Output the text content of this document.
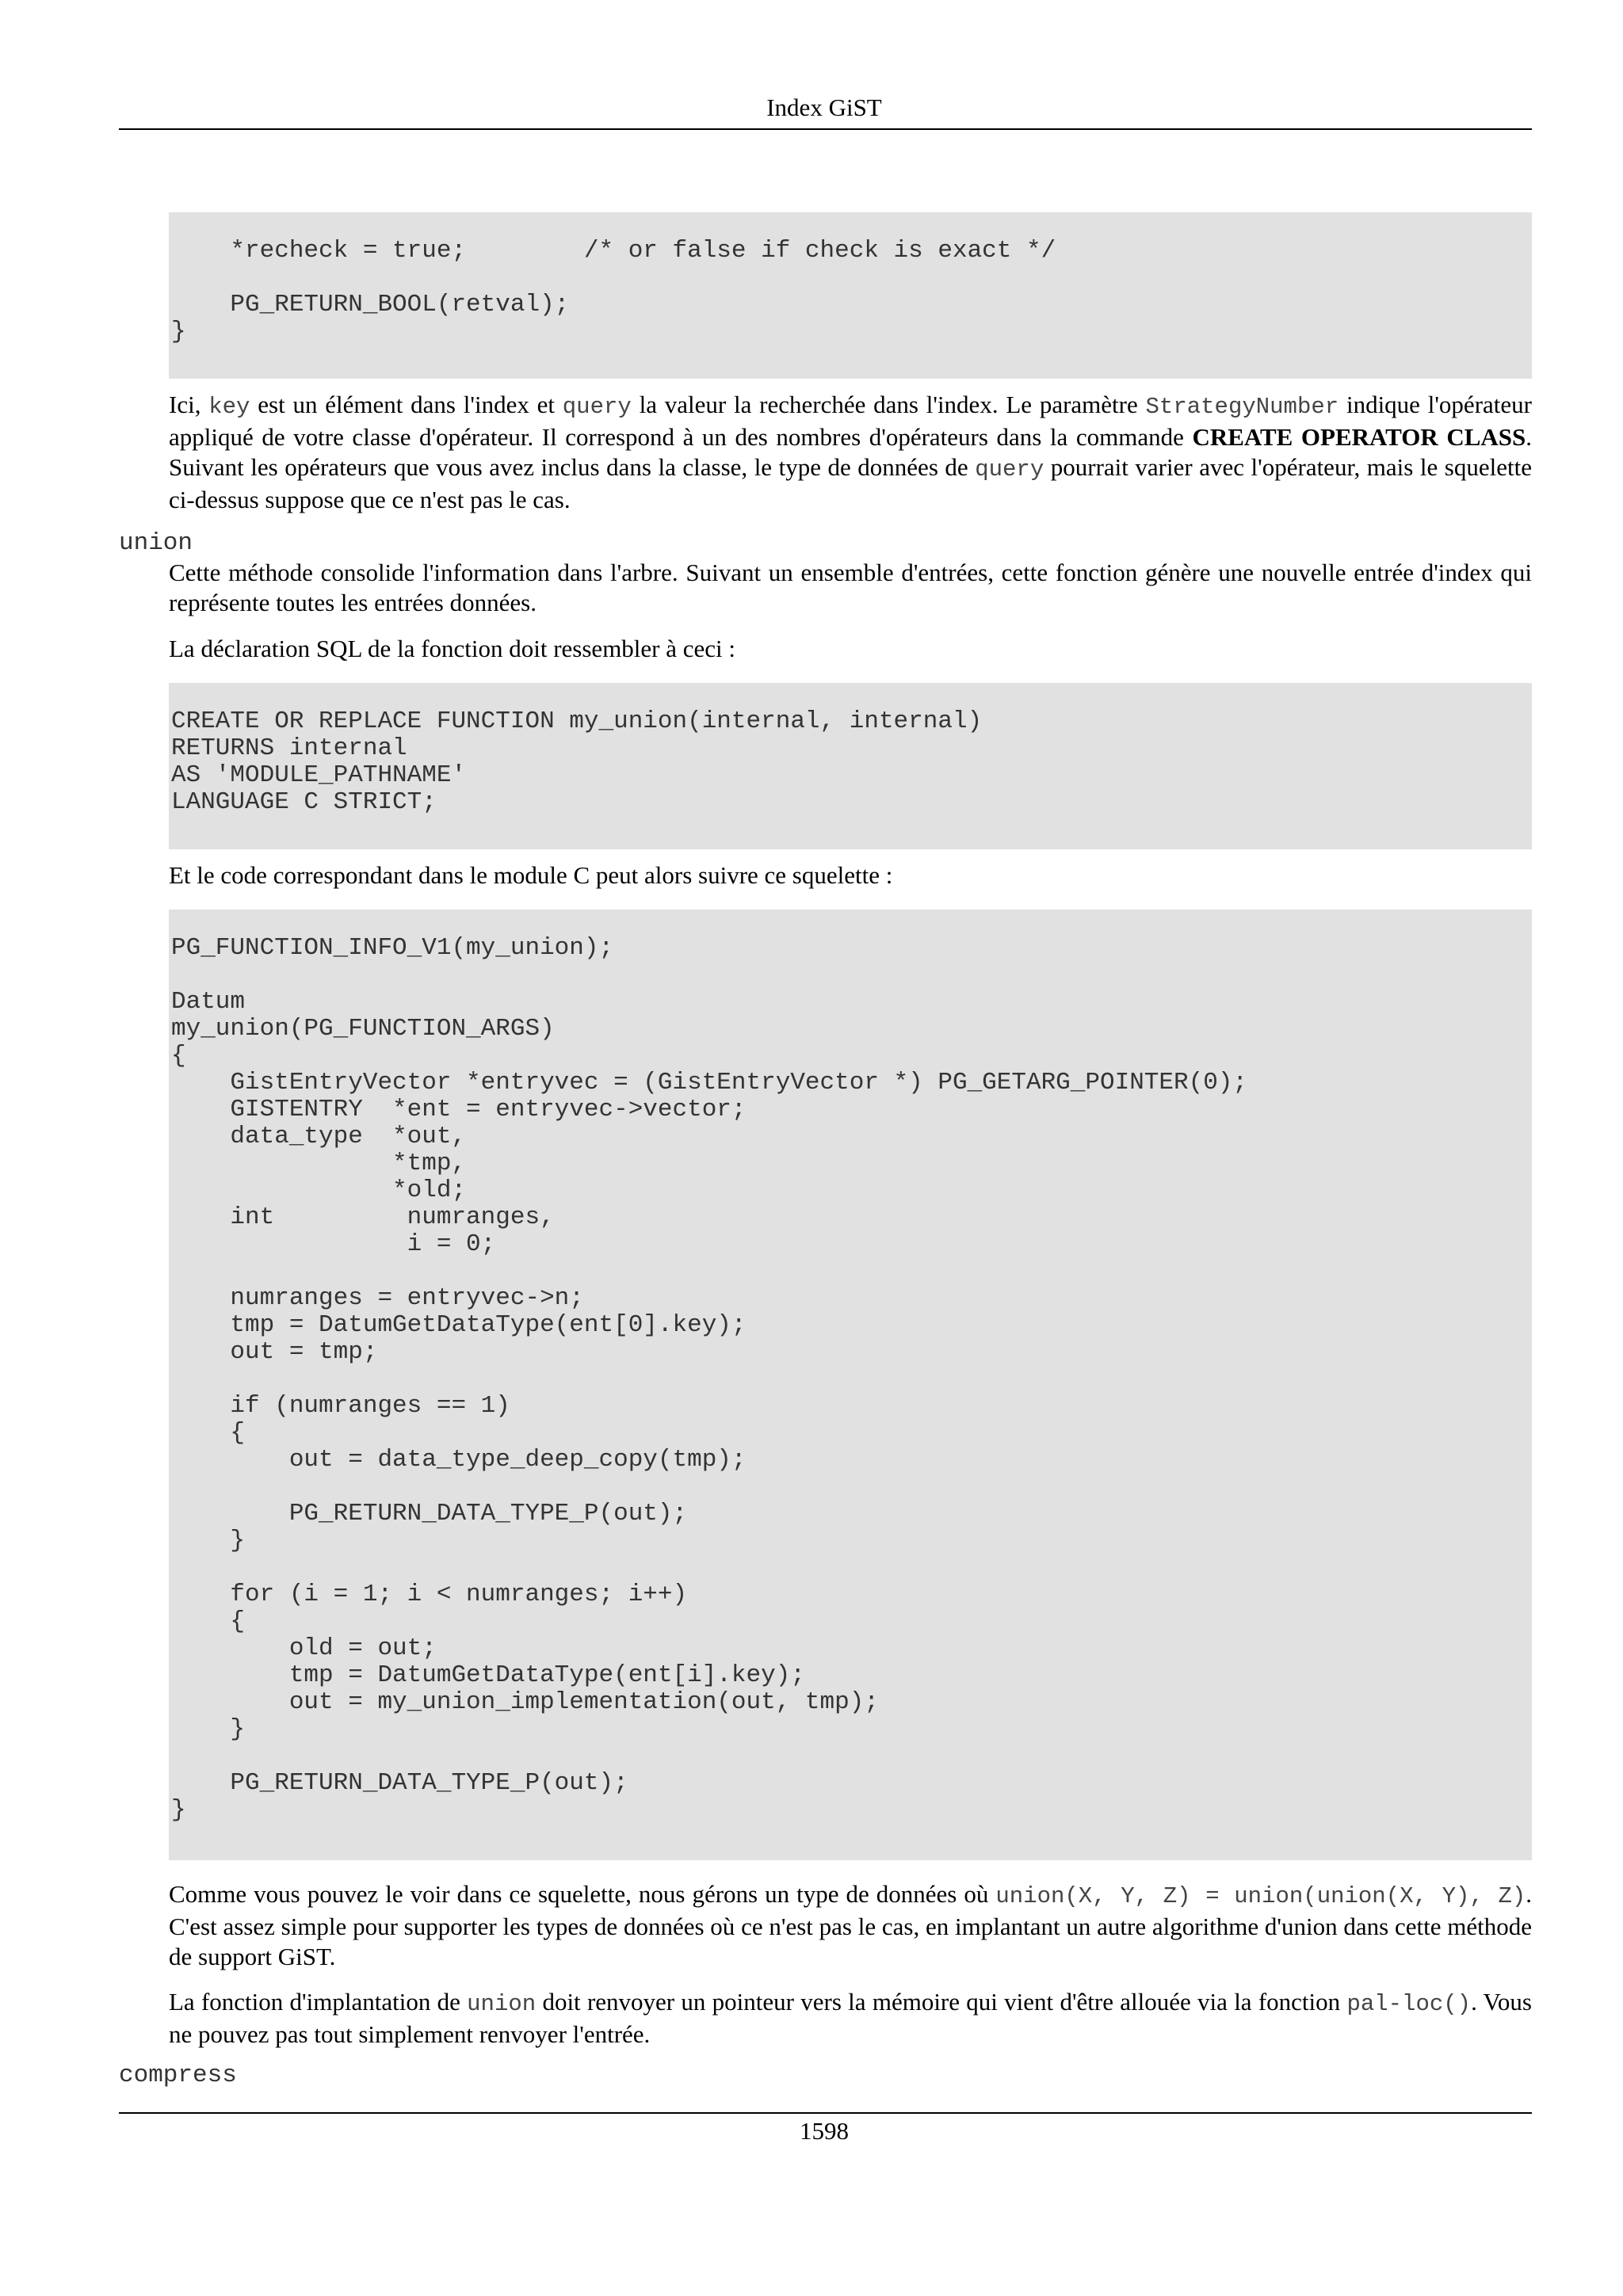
Index GiST
*recheck = true;        /* or false if check is exact */

PG_RETURN_BOOL(retval);
}

Ici, key est un élément dans l'index et query la valeur la recherchée dans l'index. Le paramètre StrategyNumber indique l'opérateur appliqué de votre classe d'opérateur. Il correspond à un des nombres d'opérateurs dans la commande CREATE OPERATOR CLASS. Suivant les opérateurs que vous avez inclus dans la classe, le type de données de query pourrait varier avec l'opérateur, mais le squelette ci-dessus suppose que ce n'est pas le cas.

union

Cette méthode consolide l'information dans l'arbre. Suivant un ensemble d'entrées, cette fonction génère une nouvelle entrée d'index qui représente toutes les entrées données.

La déclaration SQL de la fonction doit ressembler à ceci :

CREATE OR REPLACE FUNCTION my_union(internal, internal)
RETURNS internal
AS 'MODULE_PATHNAME'
LANGUAGE C STRICT;

Et le code correspondant dans le module C peut alors suivre ce squelette :

PG_FUNCTION_INFO_V1(my_union);

Datum
my_union(PG_FUNCTION_ARGS)
{
GistEntryVector *entryvec = (GistEntryVector *) PG_GETARG_POINTER(0);
GISTENTRY  *ent = entryvec->vector;
data_type  *out,
*tmp,
*old;
int         numranges,
i = 0;

numranges = entryvec->n;
tmp = DatumGetDataType(ent[0].key);
out = tmp;

if (numranges == 1)
{
out = data_type_deep_copy(tmp);

PG_RETURN_DATA_TYPE_P(out);
}

for (i = 1; i < numranges; i++)
{
old = out;
tmp = DatumGetDataType(ent[i].key);
out = my_union_implementation(out, tmp);
}

PG_RETURN_DATA_TYPE_P(out);
}

Comme vous pouvez le voir dans ce squelette, nous gérons un type de données où union(X, Y, Z) = union(union(X, Y), Z). C'est assez simple pour supporter les types de données où ce n'est pas le cas, en implantant un autre algorithme d'union dans cette méthode de support GiST.

La fonction d'implantation de union doit renvoyer un pointeur vers la mémoire qui vient d'être allouée via la fonction pal-loc(). Vous ne pouvez pas tout simplement renvoyer l'entrée.

compress
1598
